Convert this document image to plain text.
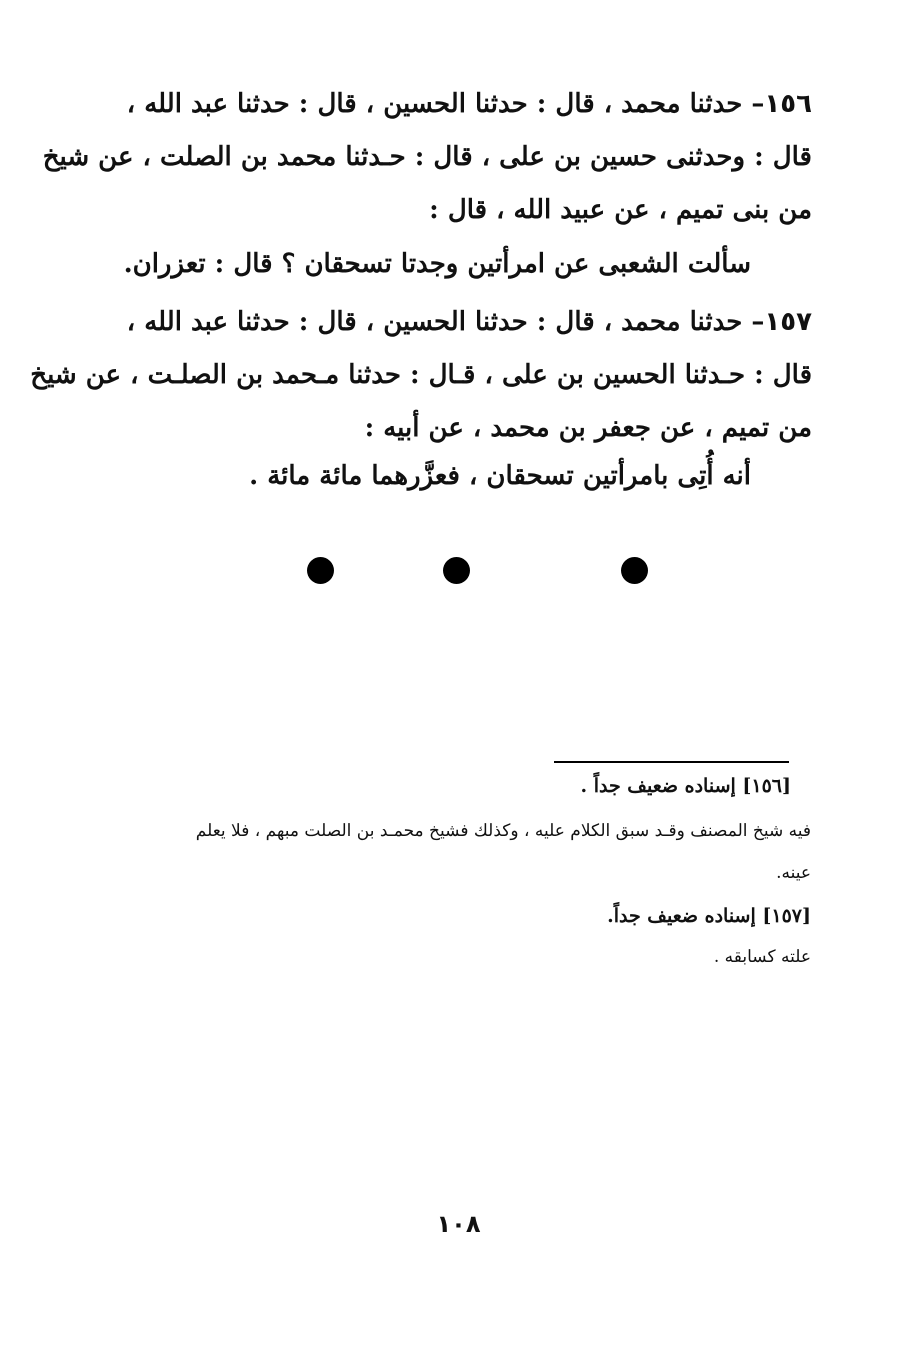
١٥٦– حدثنا محمد ، قال : حدثنا الحسين ، قال : حدثنا عبد الله ،
قال : وحدثنى حسين بن على ، قال : حـدثنا محمد بن الصلت ، عن شيخ
من بنى تميم ، عن عبيد الله ، قال :
سألت الشعبى عن امرأتين وجدتا تسحقان ؟ قال : تعزران.
١٥٧– حدثنا محمد ، قال : حدثنا الحسين ، قال : حدثنا عبد الله ،
قال : حـدثنا الحسين بن على ، قـال : حدثنا مـحمد بن الصلـت ، عن شيخ
من تميم ، عن جعفر بن محمد ، عن أبيه :
أنه أُتِى بامرأتين تسحقان ، فعزَّرهما مائة مائة .
[١٥٦] إسناده ضعيف جداً .
فيه شيخ المصنف وقـد سبق الكلام عليه ، وكذلك فشيخ محمـد بن الصلت مبهم ، فلا يعلم
عينه.
[١٥٧] إسناده ضعيف جداً.
علته كسابقه .
١٠٨
